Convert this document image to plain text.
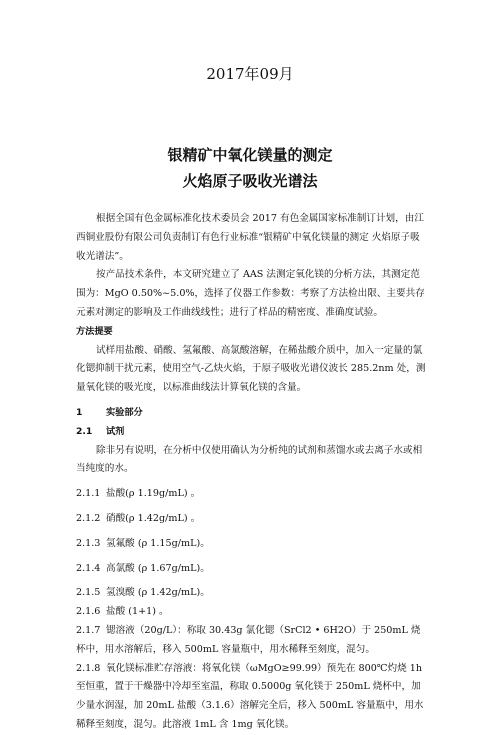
2017年09月
银精矿中氧化镁量的测定
火焰原子吸收光谱法

根据全国有色金属标准化技术委员会 2017 有色金属国家标准制订计划，由江西铜业股份有限公司负责制订有色行业标准“银精矿中氧化镁量的测定 火焰原子吸收光谱法”。

按产品技术条件，本文研究建立了 AAS 法测定氧化镁的分析方法，其测定范围为：MgO 0.50%~5.0%，选择了仪器工作参数：考察了方法检出限、主要共存元素对测定的影响及工作曲线线性；进行了样品的精密度、准确度试验。

方法提要

试样用盐酸、硝酸、氢氟酸、高氯酸溶解，在稀盐酸介质中，加入一定量的氯化锶抑制干扰元素，使用空气-乙炔火焰，于原子吸收光谱仪波长 285.2nm 处，测量氧化镁的吸光度，以标准曲线法计算氧化镁的含量。

1	实验部分

2.1 试剂

除非另有说明，在分析中仅使用确认为分析纯的试剂和蒸馏水或去离子水或相当纯度的水。

2.1.1 盐酸(ρ 1.19g/mL) 。

2.1.2 硝酸(ρ 1.42g/mL) 。

2.1.3 氢氟酸 (ρ 1.15g/mL)。

2.1.4 高氯酸 (ρ 1.67g/mL)。

2.1.5 氢溴酸 (ρ 1.42g/mL)。

2.1.6 盐酸 (1+1) 。

2.1.7 锶溶液（20g/L）：称取 30.43g 氯化锶（SrCl2 • 6H2O）于 250mL 烧杯中，用水溶解后，移入 500mL 容量瓶中，用水稀释至刻度，混匀。

2.1.8 氧化镁标准贮存溶液：将氧化镁（ωMgO≥99.99）预先在 800℃灼烧 1h 至恒重，置于干燥器中冷却至室温，称取 0.5000g 氧化镁于 250mL 烧杯中，加少量水润湿，加 20mL 盐酸（3.1.6）溶解完全后，移入 500mL 容量瓶中，用水稀释至刻度，混匀。此溶液 1mL 含 1mg 氧化镁。
